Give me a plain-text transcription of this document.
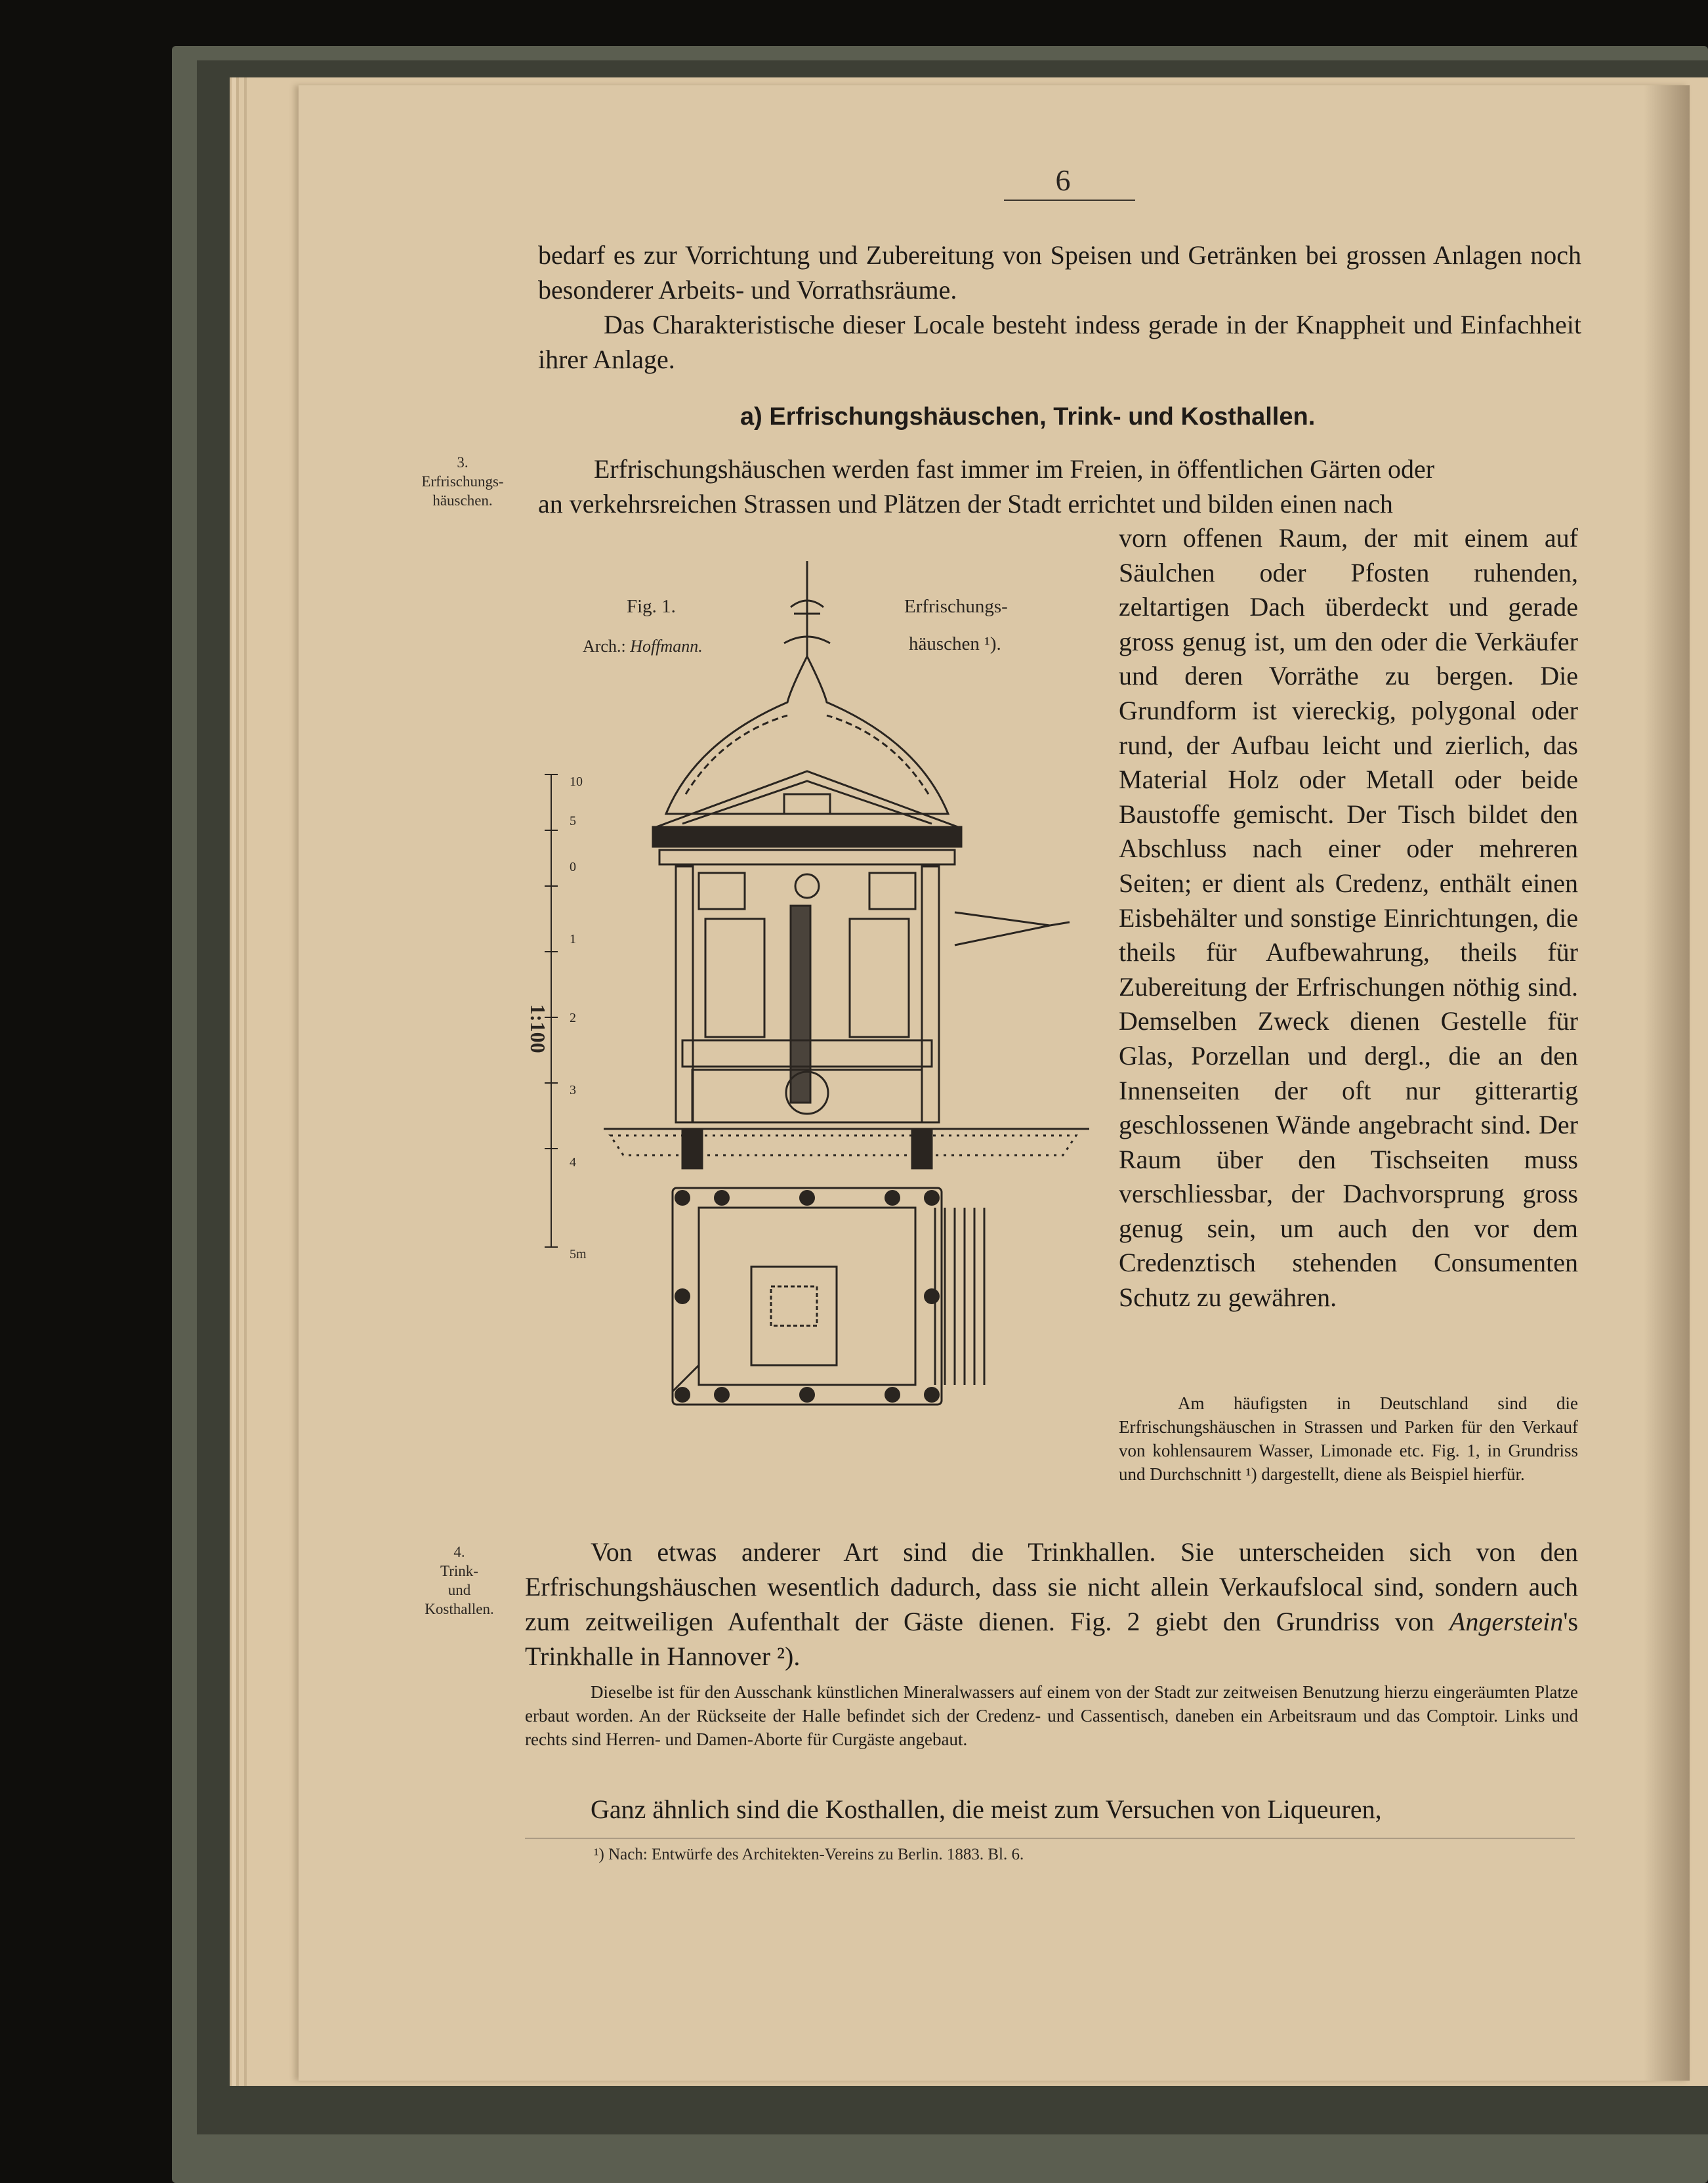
6

bedarf es zur Vorrichtung und Zubereitung von Speisen und Getränken bei grossen Anlagen noch besonderer Arbeits- und Vorrathsräume.

Das Charakteristische dieser Locale besteht indess gerade in der Knappheit und Einfachheit ihrer Anlage.

a) Erfrischungshäuschen, Trink- und Kosthallen.
3.
Erfrischungs-
häuschen.
Erfrischungshäuschen werden fast immer im Freien, in öffentlichen Gärten oder
an verkehrsreichen Strassen und Plätzen der Stadt errichtet und bilden einen nach

vorn offenen Raum, der mit einem auf Säulchen oder Pfosten ruhenden, zeltartigen Dach überdeckt und gerade gross genug ist, um den oder die Verkäufer und deren Vorräthe zu bergen. Die Grundform ist viereckig, polygonal oder rund, der Aufbau leicht und zierlich, das Material Holz oder Metall oder beide Baustoffe gemischt. Der Tisch bildet den Abschluss nach einer oder mehreren Seiten; er dient als Credenz, enthält einen Eisbehälter und sonstige Einrichtungen, die theils für Aufbewahrung, theils für Zubereitung der Erfrischungen nöthig sind. Demselben Zweck dienen Gestelle für Glas, Porzellan und dergl., die an den Innenseiten der oft nur gitterartig geschlossenen Wände angebracht sind. Der Raum über den Tischseiten muss verschliessbar, der Dachvorsprung gross genug sein, um auch den vor dem Credenztisch stehenden Consumenten Schutz zu gewähren.

Am häufigsten in Deutschland sind die Erfrischungshäuschen in Strassen und Parken für den Verkauf von kohlensaurem Wasser, Limonade etc. Fig. 1, in Grundriss und Durchschnitt ¹) dargestellt, diene als Beispiel hierfür.

Fig. 1.
Arch.: Hoffmann.
Erfrischungs-
häuschen ¹).
1:100
10
5
0
1
2
3
4
5m
4.
Trink-
und
Kosthallen.

Von etwas anderer Art sind die Trinkhallen. Sie unterscheiden sich von den Erfrischungshäuschen wesentlich dadurch, dass sie nicht allein Verkaufslocal sind, sondern auch zum zeitweiligen Aufenthalt der Gäste dienen. Fig. 2 giebt den Grundriss von Angerstein's Trinkhalle in Hannover ²).

Dieselbe ist für den Ausschank künstlichen Mineralwassers auf einem von der Stadt zur zeitweisen Benutzung hierzu eingeräumten Platze erbaut worden. An der Rückseite der Halle befindet sich der Credenz- und Cassentisch, daneben ein Arbeitsraum und das Comptoir. Links und rechts sind Herren- und Damen-Aborte für Curgäste angebaut.

Ganz ähnlich sind die Kosthallen, die meist zum Versuchen von Liqueuren,

¹) Nach: Entwürfe des Architekten-Vereins zu Berlin. 1883. Bl. 6.
